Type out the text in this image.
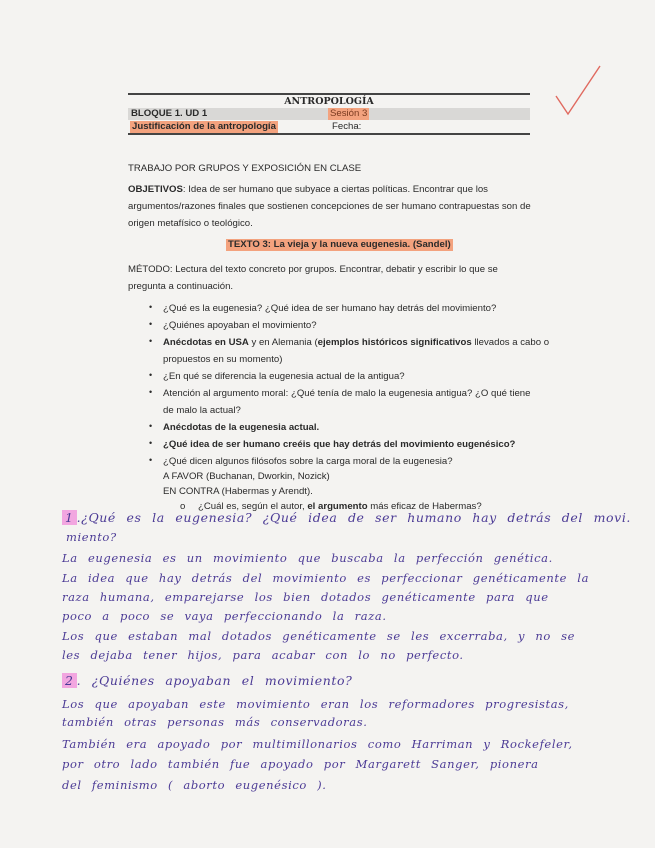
ANTROPOLOGÍA
BLOQUE 1. UD 1	Sesión 3
Justificación de la antropología	Fecha:
TRABAJO POR GRUPOS Y EXPOSICIÓN EN CLASE
OBJETIVOS: Idea de ser humano que subyace a ciertas políticas. Encontrar que los
argumentos/razones finales que sostienen concepciones de ser humano contrapuestas son de
origen metafísico o teológico.
TEXTO 3: La vieja y la nueva eugenesia. (Sandel)
MÉTODO: Lectura del texto concreto por grupos. Encontrar, debatir y escribir lo que se
pregunta a continuación.
• ¿Qué es la eugenesia? ¿Qué idea de ser humano hay detrás del movimiento?
• ¿Quiénes apoyaban el movimiento?
• Anécdotas en USA y en Alemania (ejemplos históricos significativos llevados a cabo o
propuestos en su momento)
• ¿En qué se diferencia la eugenesia actual de la antigua?
• Atención al argumento moral: ¿Qué tenía de malo la eugenesia antigua? ¿O qué tiene
de malo la actual?
• Anécdotas de la eugenesia actual.
• ¿Qué idea de ser humano creéis que hay detrás del movimiento eugenésico?
• ¿Qué dicen algunos filósofos sobre la carga moral de la eugenesia?
A FAVOR (Buchanan, Dworkin, Nozick)
EN CONTRA (Habermas y Arendt).
o ¿Cuál es, según el autor, el argumento más eficaz de Habermas?
1 .¿Qué es la eugenesia? ¿Qué idea de ser humano hay detrás del movi.
miento?
La eugenesia es un movimiento que buscaba la perfección genética.
La idea que hay detrás del movimiento es perfeccionar genéticamente la
raza humana, emparejarse los bien dotados genéticamente para que
poco a poco se vaya perfeccionando la raza.
Los que estaban mal dotados genéticamente se les excerraba, y no se
les dejaba tener hijos, para acabar con lo no perfecto.
2 . ¿Quiénes apoyaban el movimiento?
Los que apoyaban este movimiento eran los reformadores progresistas,
también otras personas más conservadoras.
También era apoyado por multimillonarios como Harriman y Rockefeler,
por otro lado también fue apoyado por Margarett Sanger, pionera
del feminismo ( aborto eugenésico ).
